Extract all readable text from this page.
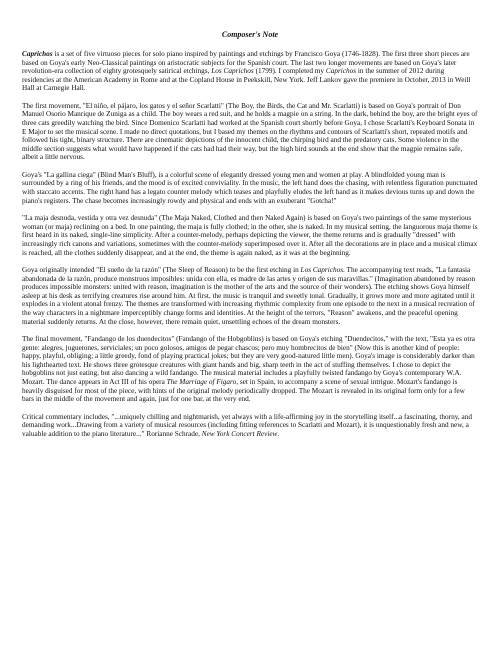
Composer's Note

Caprichos is a set of five virtuoso pieces for solo piano inspired by paintings and etchings by Francisco Goya (1746-1828). The first three short pieces are based on Goya's early Neo-Classical paintings on aristocratic subjects for the Spanish court. The last two longer movements are based on Goya's later revolution-era collection of eighty grotesquely satirical etchings, Los Caprichos (1799). I completed my Caprichos in the summer of 2012 during residencies at the American Academy in Rome and at the Copland House in Peekskill, New York. Jeff Lankov gave the premiere in October, 2013 in Weill Hall at Carnegie Hall.

The first movement, "El niño, el pájaro, los gatos y el señor Scarlatti" (The Boy, the Birds, the Cat and Mr. Scarlatti) is based on Goya's portrait of Don Manuel Osorio Manrique de Zuniga as a child. The boy wears a red suit, and he holds a magpie on a string. In the dark, behind the boy, are the bright eyes of three cats greedily watching the bird. Since Domenico Scarlatti had worked at the Spanish court shortly before Goya, I chose Scarlatti's Keyboard Sonata in E Major to set the musical scene. I made no direct quotations, but I based my themes on the rhythms and contours of Scarlatti's short, repeated motifs and followed his tight, binary structure. There are cinematic depictions of the innocent child, the chirping bird and the predatory cats. Some violence in the middle section suggests what would have happened if the cats had had their way, but the high bird sounds at the end show that the magpie remains safe, albeit a little nervous.

Goya's "La gallina ciega" (Blind Man's Bluff), is a colorful scene of elegantly dressed young men and women at play. A blindfolded young man is surrounded by a ring of his friends, and the mood is of excited conviviality. In the music, the left hand does the chasing, with relentless figuration punctuated with staccato accents. The right hand has a legato counter melody which teases and playfully eludes the left hand as it makes devious turns up and down the piano's registers. The chase becomes increasingly rowdy and physical and ends with an exuberant "Gotcha!"

"La maja desnuda, vestida y otra vez desnuda" (The Maja Naked, Clothed and then Naked Again) is based on Goya's two paintings of the same mysterious woman (or maja) reclining on a bed. In one painting, the maja is fully clothed; in the other, she is naked. In my musical setting, the languorous maja theme is first heard in its naked, single-line simplicity. After a counter-melody, perhaps depicting the viewer, the theme returns and is gradually "dressed" with increasingly rich canons and variations, sometimes with the counter-melody superimposed over it. After all the decorations are in place and a musical climax is reached, all the clothes suddenly disappear, and at the end, the theme is again naked, as it was at the beginning.

Goya originally intended "El sueño de la razón" (The Sleep of Reason) to be the first etching in Los Caprichos. The accompanying text reads, "La fantasia abandonada de la razón, produce monstruos imposibles: unida con ella, es madre de las artes y origen de sus maravillas." (Imagination abandoned by reason produces impossible monsters: united with reason, imagination is the mother of the arts and the source of their wonders). The etching shows Goya himself asleep at his desk as terrifying creatures rise around him. At first, the music is tranquil and sweetly tonal. Gradually, it grows more and more agitated until it explodes in a violent atonal frenzy. The themes are transformed with increasing rhythmic complexity from one episode to the next in a musical recreation of the way characters in a nightmare imperceptibly change forms and identities. At the height of the terrors, "Reason" awakens, and the peaceful opening material suddenly returns. At the close, however, there remain quiet, unsettling echoes of the dream monsters.

The final movement, "Fandango de los duendecitos" (Fandango of the Hobgoblins) is based on Goya's etching "Duendecitos," with the text, "Esta ya es otra gente: alegres, juguetones, serviciales; un poco golosos, amigos de pegar chascos; pero muy hombrecitos de bien" (Now this is another kind of people: happy, playful, obliging; a little greedy, fond of playing practical jokes; but they are very good-natured little men). Goya's image is considerably darker than his lighthearted text. He shows three grotesque creatures with giant hands and big, sharp teeth in the act of stuffing themselves. I chose to depict the hobgoblins not just eating, but also dancing a wild fandango. The musical material includes a playfully twisted fandango by Goya's contemporary W.A. Mozart. The dance appears in Act III of his opera The Marriage of Figaro, set in Spain, to accompany a scene of sexual intrigue. Mozart's fandango is heavily disguised for most of the piece, with hints of the original melody periodically dropped. The Mozart is revealed in its original form only for a few bars in the middle of the movement and again, just for one bar, at the very end.

Critical commentary includes, "...uniquely chilling and nightmarish, yet always with a life-affirming joy in the storytelling itself...a fascinating, thorny, and demanding work...Drawing from a variety of musical resources (including fitting references to Scarlatti and Mozart), it is unquestionably fresh and new, a valuable addition to the piano literature..." Rorianne Schrade, New York Concert Review.
